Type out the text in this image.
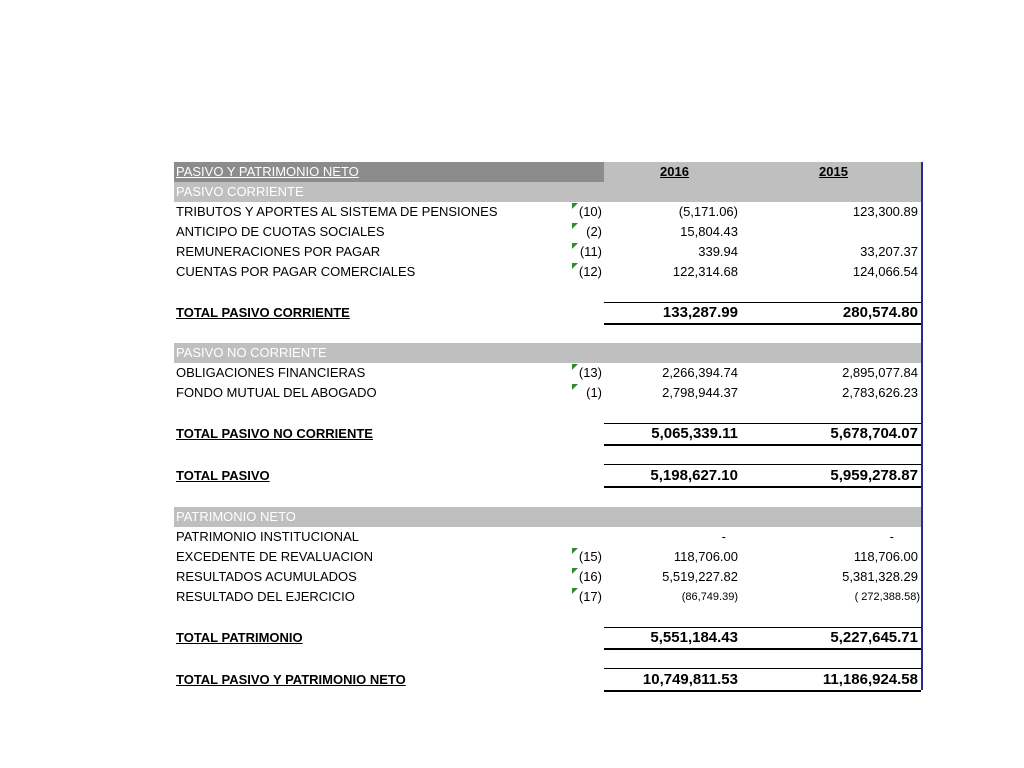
PASIVO Y PATRIMONIO NETO	2016	2015
PASIVO CORRIENTE
TRIBUTOS Y APORTES AL SISTEMA DE PENSIONES	(10)	(5,171.06)	123,300.89
ANTICIPO DE CUOTAS SOCIALES	(2)	15,804.43
REMUNERACIONES POR PAGAR	(11)	339.94	33,207.37
CUENTAS POR PAGAR COMERCIALES	(12)	122,314.68	124,066.54
TOTAL PASIVO CORRIENTE	133,287.99	280,574.80
PASIVO NO CORRIENTE
OBLIGACIONES FINANCIERAS	(13)	2,266,394.74	2,895,077.84
FONDO MUTUAL DEL ABOGADO	(1)	2,798,944.37	2,783,626.23
TOTAL PASIVO NO CORRIENTE	5,065,339.11	5,678,704.07
TOTAL PASIVO	5,198,627.10	5,959,278.87
PATRIMONIO NETO
PATRIMONIO INSTITUCIONAL	-	-
EXCEDENTE DE REVALUACION	(15)	118,706.00	118,706.00
RESULTADOS ACUMULADOS	(16)	5,519,227.82	5,381,328.29
RESULTADO DEL EJERCICIO	(17)	(86,749.39)	( 272,388.58)
TOTAL PATRIMONIO	5,551,184.43	5,227,645.71
TOTAL PASIVO Y PATRIMONIO NETO	10,749,811.53	11,186,924.58
